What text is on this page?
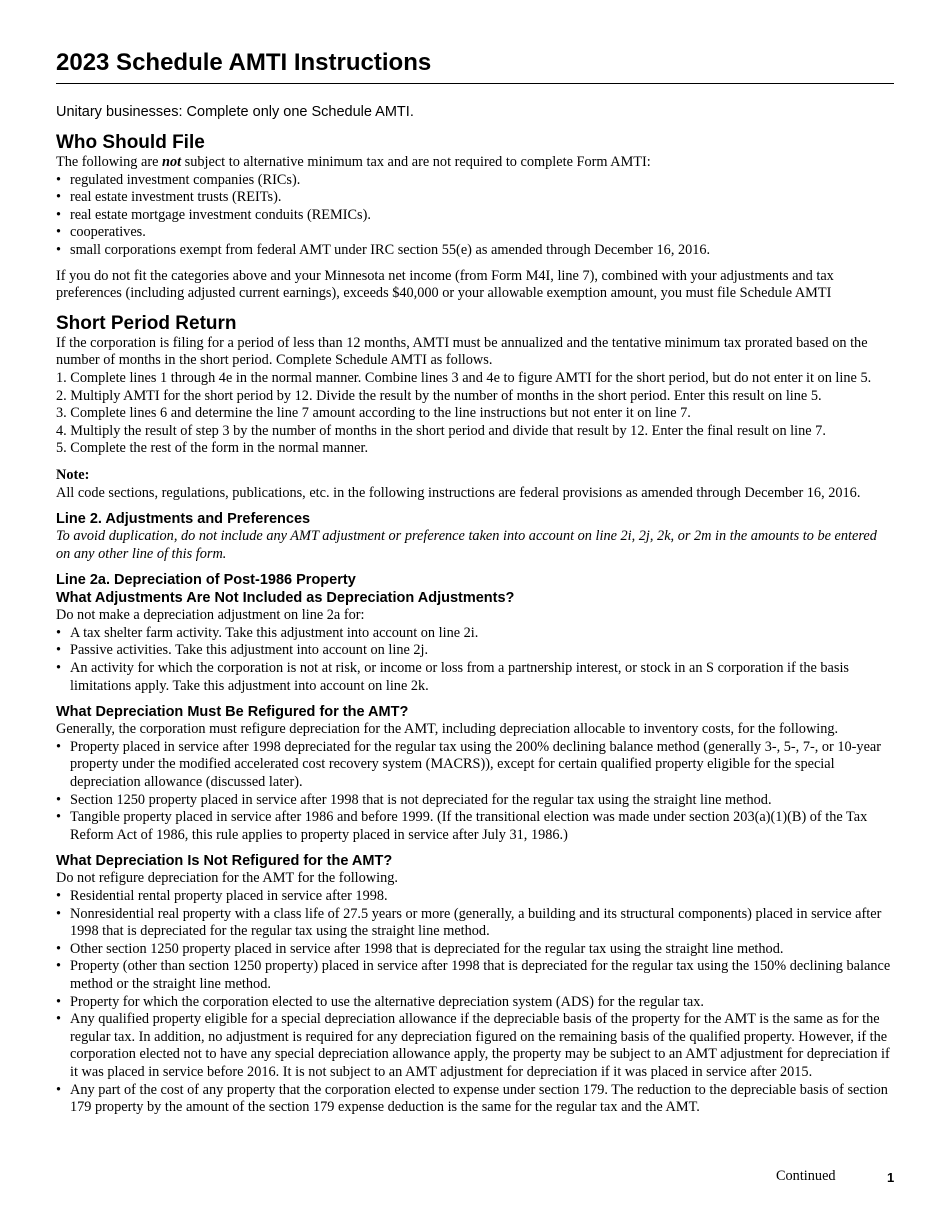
2023 Schedule AMTI Instructions

Unitary businesses: Complete only one Schedule AMTI.

Who Should File

The following are not subject to alternative minimum tax and are not required to complete Form AMTI:

• regulated investment companies (RICs).
• real estate investment trusts (REITs).
• real estate mortgage investment conduits (REMICs).
• cooperatives.
• small corporations exempt from federal AMT under IRC section 55(e) as amended through December 16, 2016.

If you do not fit the categories above and your Minnesota net income (from Form M4I, line 7), combined with your adjustments and tax preferences (including adjusted current earnings), exceeds $40,000 or your allowable exemption amount, you must file Schedule AMTI

Short Period Return

If the corporation is filing for a period of less than 12 months, AMTI must be annualized and the tentative minimum tax prorated based on the number of months in the short period. Complete Schedule AMTI as follows.

1. Complete lines 1 through 4e in the normal manner. Combine lines 3 and 4e to figure AMTI for the short period, but do not enter it on line 5.
2. Multiply AMTI for the short period by 12. Divide the result by the number of months in the short period. Enter this result on line 5.
3. Complete lines 6 and determine the line 7 amount according to the line instructions but not enter it on line 7.
4. Multiply the result of step 3 by the number of months in the short period and divide that result by 12. Enter the final result on line 7.
5. Complete the rest of the form in the normal manner.

Note:

All code sections, regulations, publications, etc. in the following instructions are federal provisions as amended through December 16, 2016.

Line 2. Adjustments and Preferences

To avoid duplication, do not include any AMT adjustment or preference taken into account on line 2i, 2j, 2k, or 2m in the amounts to be entered on any other line of this form.

Line 2a. Depreciation of Post-1986 Property
What Adjustments Are Not Included as Depreciation Adjustments?

Do not make a depreciation adjustment on line 2a for:

• A tax shelter farm activity. Take this adjustment into account on line 2i.
• Passive activities. Take this adjustment into account on line 2j.
• An activity for which the corporation is not at risk, or income or loss from a partnership interest, or stock in an S corporation if the basis limitations apply. Take this adjustment into account on line 2k.
What Depreciation Must Be Refigured for the AMT?

Generally, the corporation must refigure depreciation for the AMT, including depreciation allocable to inventory costs, for the following.

• Property placed in service after 1998 depreciated for the regular tax using the 200% declining balance method (generally 3-, 5-, 7-, or 10-year property under the modified accelerated cost recovery system (MACRS)), except for certain qualified property eligible for the special depreciation allowance (discussed later).
• Section 1250 property placed in service after 1998 that is not depreciated for the regular tax using the straight line method.
• Tangible property placed in service after 1986 and before 1999. (If the transitional election was made under section 203(a)(1)(B) of the Tax Reform Act of 1986, this rule applies to property placed in service after July 31, 1986.)
What Depreciation Is Not Refigured for the AMT?

Do not refigure depreciation for the AMT for the following.

• Residential rental property placed in service after 1998.
• Nonresidential real property with a class life of 27.5 years or more (generally, a building and its structural components) placed in service after 1998 that is depreciated for the regular tax using the straight line method.
• Other section 1250 property placed in service after 1998 that is depreciated for the regular tax using the straight line method.
• Property (other than section 1250 property) placed in service after 1998 that is depreciated for the regular tax using the 150% declining balance method or the straight line method.
• Property for which the corporation elected to use the alternative depreciation system (ADS) for the regular tax.
• Any qualified property eligible for a special depreciation allowance if the depreciable basis of the property for the AMT is the same as for the regular tax. In addition, no adjustment is required for any depreciation figured on the remaining basis of the qualified property. However, if the corporation elected not to have any special depreciation allowance apply, the property may be subject to an AMT adjustment for depreciation if it was placed in service before 2016. It is not subject to an AMT adjustment for depreciation if it was placed in service after 2015.
• Any part of the cost of any property that the corporation elected to expense under section 179. The reduction to the depreciable basis of section 179 property by the amount of the section 179 expense deduction is the same for the regular tax and the AMT.
Continued	1
